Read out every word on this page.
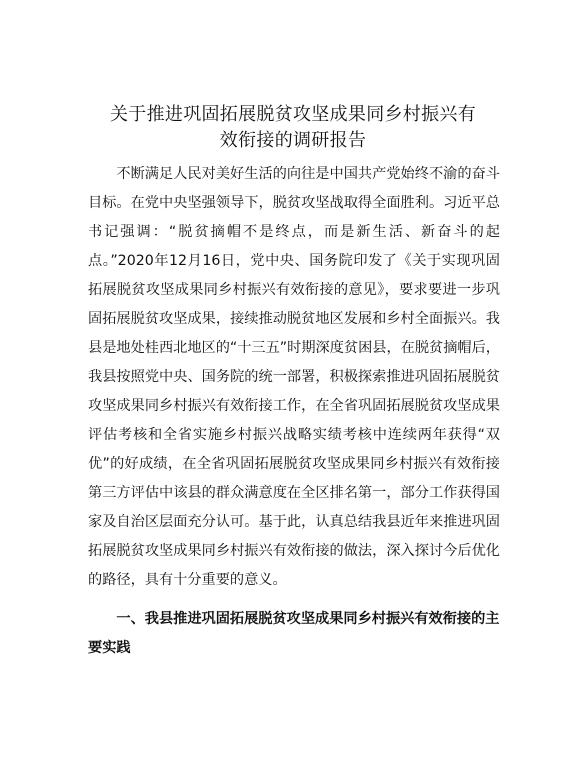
关于推进巩固拓展脱贫攻坚成果同乡村振兴有
效衔接的调研报告

不断满足人民对美好生活的向往是中国共产党始终不渝的奋斗目标。在党中央坚强领导下，脱贫攻坚战取得全面胜利。习近平总书记强调：“脱贫摘帽不是终点，而是新生活、新奋斗的起点。”2020年12月16日，党中央、国务院印发了《关于实现巩固拓展脱贫攻坚成果同乡村振兴有效衔接的意见》，要求要进一步巩固拓展脱贫攻坚成果，接续推动脱贫地区发展和乡村全面振兴。我县是地处桂西北地区的“十三五”时期深度贫困县，在脱贫摘帽后，我县按照党中央、国务院的统一部署，积极探索推进巩固拓展脱贫攻坚成果同乡村振兴有效衔接工作，在全省巩固拓展脱贫攻坚成果评估考核和全省实施乡村振兴战略实绩考核中连续两年获得“双优”的好成绩，在全省巩固拓展脱贫攻坚成果同乡村振兴有效衔接第三方评估中该县的群众满意度在全区排名第一，部分工作获得国家及自治区层面充分认可。基于此，认真总结我县近年来推进巩固拓展脱贫攻坚成果同乡村振兴有效衔接的做法，深入探讨今后优化的路径，具有十分重要的意义。

一、我县推进巩固拓展脱贫攻坚成果同乡村振兴有效衔接的主要实践
